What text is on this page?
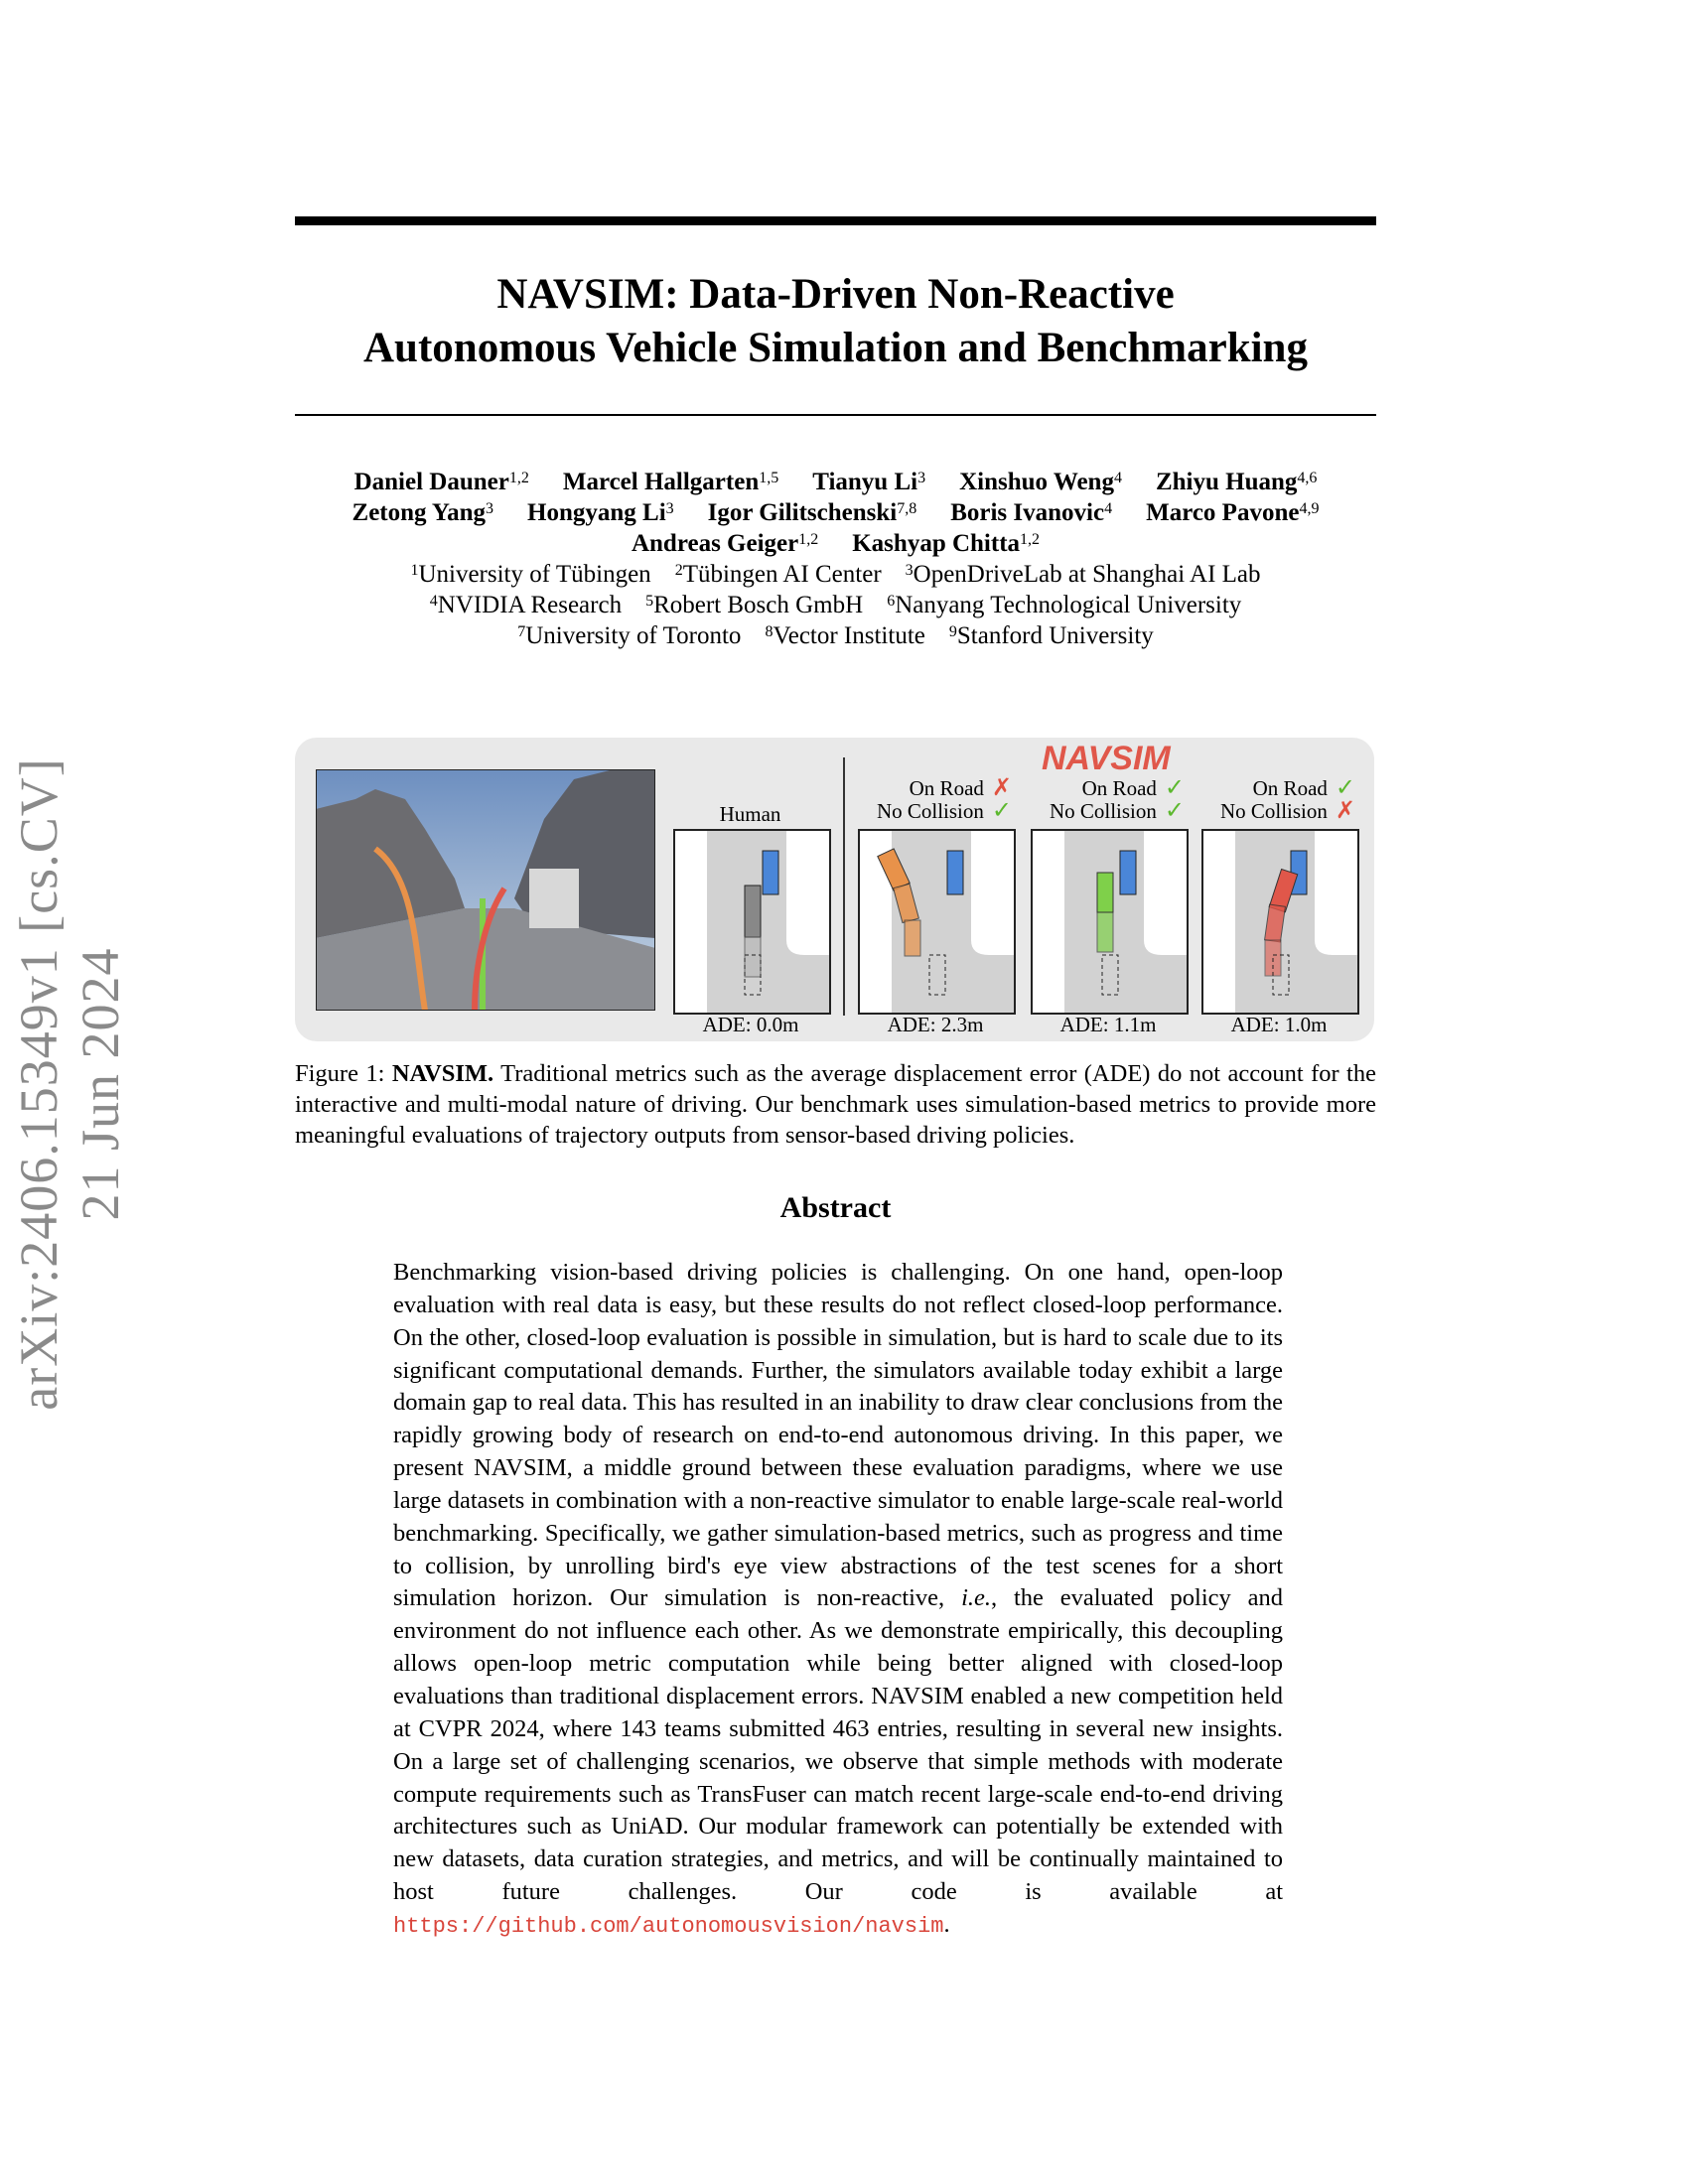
arXiv:2406.15349v1 [cs.CV] 21 Jun 2024
NAVSIM: Data-Driven Non-Reactive
Autonomous Vehicle Simulation and Benchmarking
Daniel Dauner$^{1,2}$ Marcel Hallgarten$^{1,5}$ Tianyu Li$^3$ Xinshuo Weng$^4$ Zhiyu Huang$^{4,6}$
Zetong Yang$^3$ Hongyang Li$^3$ Igor Gilitschenski$^{7,8}$ Boris Ivanovic$^4$ Marco Pavone$^{4,9}$
Andreas Geiger$^{1,2}$ Kashyap Chitta$^{1,2}$
$^1$University of Tübingen $^2$Tübingen AI Center $^3$OpenDriveLab at Shanghai AI Lab
$^4$NVIDIA Research $^5$Robert Bosch GmbH $^6$Nanyang Technological University
$^7$University of Toronto $^8$Vector Institute $^9$Stanford University
NAVSIM
Human
On Road ✗
No Collision ✓
On Road ✓
No Collision ✓
On Road ✓
No Collision ✗
ADE: 0.0m	ADE: 2.3m	ADE: 1.1m	ADE: 1.0m
Figure 1: NAVSIM. Traditional metrics such as the average displacement error (ADE) do not account for the interactive and multi-modal nature of driving. Our benchmark uses simulation-based metrics to provide more meaningful evaluations of trajectory outputs from sensor-based driving policies.
Abstract
Benchmarking vision-based driving policies is challenging. On one hand, open-loop evaluation with real data is easy, but these results do not reflect closed-loop performance. On the other, closed-loop evaluation is possible in simulation, but is hard to scale due to its significant computational demands. Further, the simulators available today exhibit a large domain gap to real data. This has resulted in an inability to draw clear conclusions from the rapidly growing body of research on end-to-end autonomous driving. In this paper, we present NAVSIM, a middle ground between these evaluation paradigms, where we use large datasets in combination with a non-reactive simulator to enable large-scale real-world benchmarking. Specifically, we gather simulation-based metrics, such as progress and time to collision, by unrolling bird's eye view abstractions of the test scenes for a short simulation horizon. Our simulation is non-reactive, i.e., the evaluated policy and environment do not influence each other. As we demonstrate empirically, this decoupling allows open-loop metric computation while being better aligned with closed-loop evaluations than traditional displacement errors. NAVSIM enabled a new competition held at CVPR 2024, where 143 teams submitted 463 entries, resulting in several new insights. On a large set of challenging scenarios, we observe that simple methods with moderate compute requirements such as TransFuser can match recent large-scale end-to-end driving architectures such as UniAD. Our modular framework can potentially be extended with new datasets, data curation strategies, and metrics, and will be continually maintained to host future challenges. Our code is available at https://github.com/autonomousvision/navsim.
